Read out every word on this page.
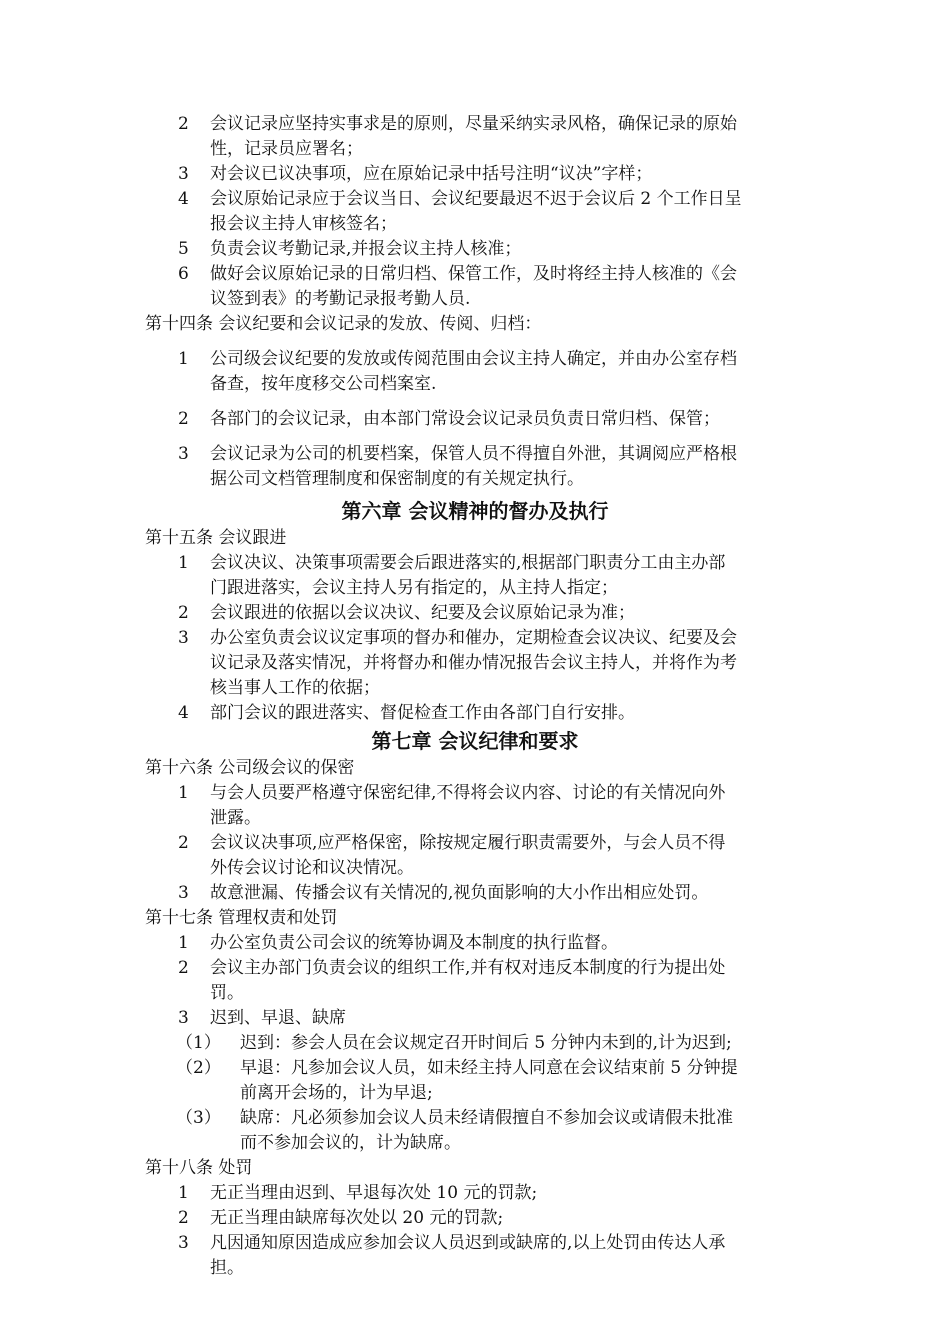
2 会议记录应坚持实事求是的原则，尽量采纳实录风格，确保记录的原始
性，记录员应署名；
3 对会议已议决事项，应在原始记录中括号注明“议决”字样；
4 会议原始记录应于会议当日、会议纪要最迟不迟于会议后 2 个工作日呈
报会议主持人审核签名；
5 负责会议考勤记录,并报会议主持人核准；
6 做好会议原始记录的日常归档、保管工作，及时将经主持人核准的《会
议签到表》的考勤记录报考勤人员.
第十四条 会议纪要和会议记录的发放、传阅、归档：
1 公司级会议纪要的发放或传阅范围由会议主持人确定，并由办公室存档
备查，按年度移交公司档案室.
2 各部门的会议记录，由本部门常设会议记录员负责日常归档、保管；
3 会议记录为公司的机要档案，保管人员不得擅自外泄，其调阅应严格根
据公司文档管理制度和保密制度的有关规定执行。
第六章 会议精神的督办及执行
第十五条 会议跟进
1 会议决议、决策事项需要会后跟进落实的,根据部门职责分工由主办部
门跟进落实，会议主持人另有指定的，从主持人指定；
2 会议跟进的依据以会议决议、纪要及会议原始记录为准；
3 办公室负责会议议定事项的督办和催办，定期检查会议决议、纪要及会
议记录及落实情况，并将督办和催办情况报告会议主持人，并将作为考
核当事人工作的依据；
4 部门会议的跟进落实、督促检查工作由各部门自行安排。
第七章 会议纪律和要求
第十六条 公司级会议的保密
1 与会人员要严格遵守保密纪律,不得将会议内容、讨论的有关情况向外
泄露。
2 会议议决事项,应严格保密，除按规定履行职责需要外，与会人员不得
外传会议讨论和议决情况。
3 故意泄漏、传播会议有关情况的,视负面影响的大小作出相应处罚。
第十七条 管理权责和处罚
1 办公室负责公司会议的统筹协调及本制度的执行监督。
2 会议主办部门负责会议的组织工作,并有权对违反本制度的行为提出处
罚。
3 迟到、早退、缺席
（1） 迟到：参会人员在会议规定召开时间后 5 分钟内未到的,计为迟到;
（2） 早退：凡参加会议人员，如未经主持人同意在会议结束前 5 分钟提
前离开会场的，计为早退;
（3） 缺席：凡必须参加会议人员未经请假擅自不参加会议或请假未批准
而不参加会议的，计为缺席。
第十八条 处罚
1 无正当理由迟到、早退每次处 10 元的罚款;
2 无正当理由缺席每次处以 20 元的罚款;
3 凡因通知原因造成应参加会议人员迟到或缺席的,以上处罚由传达人承
担。
